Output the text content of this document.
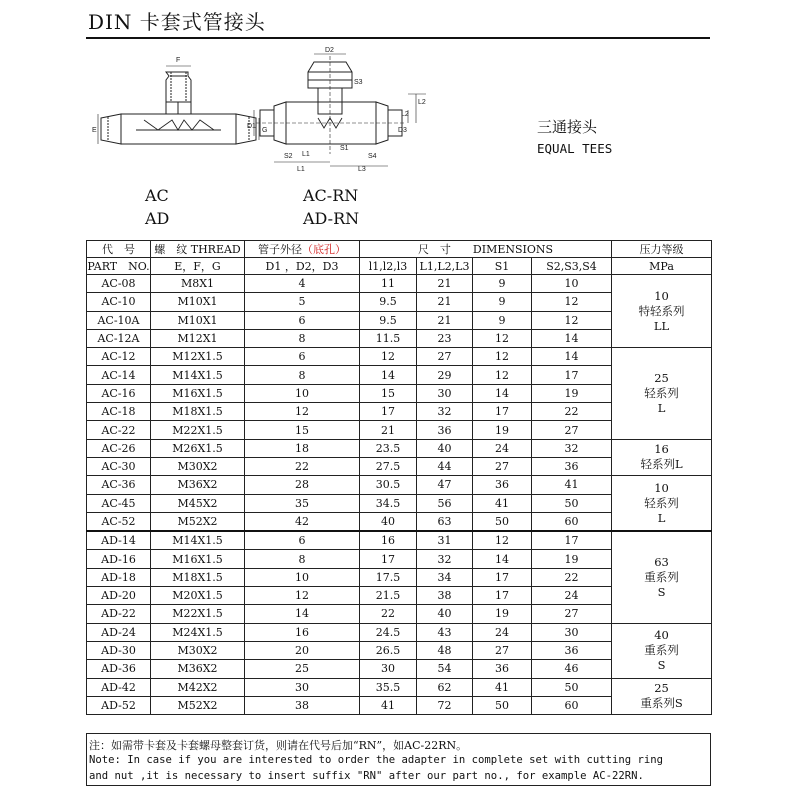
DIN 卡套式管接头
F
E	G
D2
S3
L2
L2
D1
D3
S2
S1
S4
L1
L1	L3
AC
AD
AC-RN
AD-RN
三通接头
EQUAL TEES
代　号	螺　纹 THREAD	管子外径（底孔）	尺　寸　　DIMENSIONS				压力等级
PART　NO.	E，F，G	D1 ，D2，D3	l1,l2,l3	L1,L2,L3	S1	S2,S3,S4	MPa
AC-08	M8X1	4	11	21	9	10	10
特轻系列
LL

AC-10	M10X1	5	9.5	21	9	12	
AC-10A	M10X1	6	9.5	21	9	12	
AC-12A	M12X1	8	11.5	23	12	14	
AC-12	M12X1.5	6	12	27	12	14	25
轻系列
L

AC-14	M14X1.5	8	14	29	12	17	
AC-16	M16X1.5	10	15	30	14	19	
AC-18	M18X1.5	12	17	32	17	22	
AC-22	M22X1.5	15	21	36	19	27	
AC-26	M26X1.5	18	23.5	40	24	32	16
轻系列L

AC-30	M30X2	22	27.5	44	27	36	
AC-36	M36X2	28	30.5	47	36	41	10
轻系列
L

AC-45	M45X2	35	34.5	56	41	50	
AC-52	M52X2	42	40	63	50	60	
AD-14	M14X1.5	6	16	31	12	17	63
重系列
S

AD-16	M16X1.5	8	17	32	14	19	
AD-18	M18X1.5	10	17.5	34	17	22	
AD-20	M20X1.5	12	21.5	38	17	24	
AD-22	M22X1.5	14	22	40	19	27	
AD-24	M24X1.5	16	24.5	43	24	30	40
重系列
S

AD-30	M30X2	20	26.5	48	27	36	
AD-36	M36X2	25	30	54	36	46	
AD-42	M42X2	30	35.5	62	41	50	25
重系列S

AD-52	M52X2	38	41	72	50	60	
注：如需带卡套及卡套螺母整套订货，则请在代号后加“RN”，如AC-22RN。
Note: In case if you are interested to order the adapter in complete set with cutting ring
and nut ,it is necessary to insert suffix "RN" after our part no., for example AC-22RN.
